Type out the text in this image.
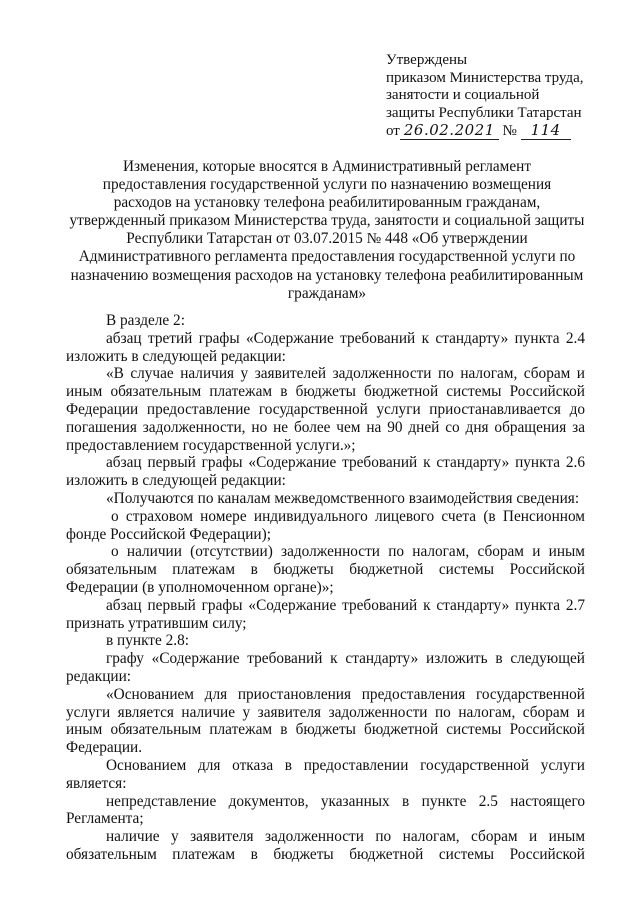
Утверждены
приказом Министерства труда,
занятости и социальной
защиты Республики Татарстан
от 26.02.2021 № 114
Изменения, которые вносятся в Административный регламент
предоставления государственной услуги по назначению возмещения
расходов на установку телефона реабилитированным гражданам,
утвержденный приказом Министерства труда, занятости и социальной защиты
Республики Татарстан от 03.07.2015 № 448 «Об утверждении
Административного регламента предоставления государственной услуги по
назначению возмещения расходов на установку телефона реабилитированным
гражданам»

В разделе 2:

абзац третий графы «Содержание требований к стандарту» пункта 2.4 изложить в следующей редакции:

«В случае наличия у заявителей задолженности по налогам, сборам и иным обязательным платежам в бюджеты бюджетной системы Российской Федерации предоставление государственной услуги приостанавливается до погашения задолженности, но не более чем на 90 дней со дня обращения за предоставлением государственной услуги.»;

абзац первый графы «Содержание требований к стандарту» пункта 2.6 изложить в следующей редакции:

«Получаются по каналам межведомственного взаимодействия сведения:

о страховом номере индивидуального лицевого счета (в Пенсионном фонде Российской Федерации);

о наличии (отсутствии) задолженности по налогам, сборам и иным обязательным платежам в бюджеты бюджетной системы Российской Федерации (в уполномоченном органе)»;

абзац первый графы «Содержание требований к стандарту» пункта 2.7 признать утратившим силу;

в пункте 2.8:

графу «Содержание требований к стандарту» изложить в следующей редакции:

«Основанием для приостановления предоставления государственной услуги является наличие у заявителя задолженности по налогам, сборам и иным обязательным платежам в бюджеты бюджетной системы Российской Федерации.

Основанием для отказа в предоставлении государственной услуги является:

непредставление документов, указанных в пункте 2.5 настоящего Регламента;

наличие у заявителя задолженности по налогам, сборам и иным обязательным платежам в бюджеты бюджетной системы Российской
